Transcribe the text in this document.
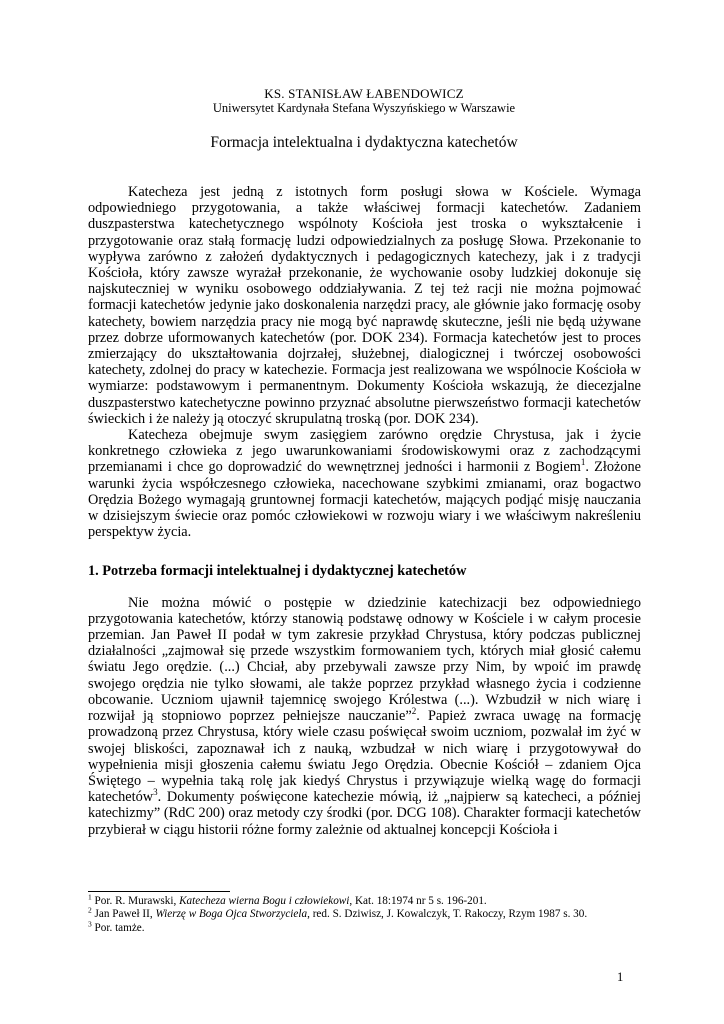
KS. STANISŁAW ŁABENDOWICZ
Uniwersytet Kardynała Stefana Wyszyńskiego w Warszawie
Formacja intelektualna i dydaktyczna katechetów

Katecheza jest jedną z istotnych form posługi słowa w Kościele. Wymaga odpowiedniego przygotowania, a także właściwej formacji katechetów. Zadaniem duszpasterstwa katechetycznego wspólnoty Kościoła jest troska o wykształcenie i przygotowanie oraz stałą formację ludzi odpowiedzialnych za posługę Słowa. Przekonanie to wypływa zarówno z założeń dydaktycznych i pedagogicznych katechezy, jak i z tradycji Kościoła, który zawsze wyrażał przekonanie, że wychowanie osoby ludzkiej dokonuje się najskuteczniej w wyniku osobowego oddziaływania. Z tej też racji nie można pojmować formacji katechetów jedynie jako doskonalenia narzędzi pracy, ale głównie jako formację osoby katechety, bowiem narzędzia pracy nie mogą być naprawdę skuteczne, jeśli nie będą używane przez dobrze uformowanych katechetów (por. DOK 234). Formacja katechetów jest to proces zmierzający do ukształtowania dojrzałej, służebnej, dialogicznej i twórczej osobowości katechety, zdolnej do pracy w katechezie. Formacja jest realizowana we wspólnocie Kościoła w wymiarze: podstawowym i permanentnym. Dokumenty Kościoła wskazują, że diecezjalne duszpasterstwo katechetyczne powinno przyznać absolutne pierwszeństwo formacji katechetów świeckich i że należy ją otoczyć skrupulatną troską (por. DOK 234).

Katecheza obejmuje swym zasięgiem zarówno orędzie Chrystusa, jak i życie konkretnego człowieka z jego uwarunkowaniami środowiskowymi oraz z zachodzącymi przemianami i chce go doprowadzić do wewnętrznej jedności i harmonii z Bogiem$^1$. Złożone warunki życia współczesnego człowieka, nacechowane szybkimi zmianami, oraz bogactwo Orędzia Bożego wymagają gruntownej formacji katechetów, mających podjąć misję nauczania w dzisiejszym świecie oraz pomóc człowiekowi w rozwoju wiary i we właściwym nakreśleniu perspektyw życia.

1. Potrzeba formacji intelektualnej i dydaktycznej katechetów

Nie można mówić o postępie w dziedzinie katechizacji bez odpowiedniego przygotowania katechetów, którzy stanowią podstawę odnowy w Kościele i w całym procesie przemian. Jan Paweł II podał w tym zakresie przykład Chrystusa, który podczas publicznej działalności „zajmował się przede wszystkim formowaniem tych, których miał głosić całemu światu Jego orędzie. (...) Chciał, aby przebywali zawsze przy Nim, by wpoić im prawdę swojego orędzia nie tylko słowami, ale także poprzez przykład własnego życia i codzienne obcowanie. Uczniom ujawnił tajemnicę swojego Królestwa (...). Wzbudził w nich wiarę i rozwijał ją stopniowo poprzez pełniejsze nauczanie”$^2$. Papież zwraca uwagę na formację prowadzoną przez Chrystusa, który wiele czasu poświęcał swoim uczniom, pozwalał im żyć w swojej bliskości, zapoznawał ich z nauką, wzbudzał w nich wiarę i przygotowywał do wypełnienia misji głoszenia całemu światu Jego Orędzia. Obecnie Kościół – zdaniem Ojca Świętego – wypełnia taką rolę jak kiedyś Chrystus i przywiązuje wielką wagę do formacji katechetów$^3$. Dokumenty poświęcone katechezie mówią, iż „najpierw są katecheci, a później katechizmy” (RdC 200) oraz metody czy środki (por. DCG 108). Charakter formacji katechetów przybierał w ciągu historii różne formy zależnie od aktualnej koncepcji Kościoła i

$^1$ Por. R. Murawski, Katecheza wierna Bogu i człowiekowi, Kat. 18:1974 nr 5 s. 196-201.
$^2$ Jan Paweł II, Wierzę w Boga Ojca Stworzyciela, red. S. Dziwisz, J. Kowalczyk, T. Rakoczy, Rzym 1987 s. 30.
$^3$ Por. tamże.
1
